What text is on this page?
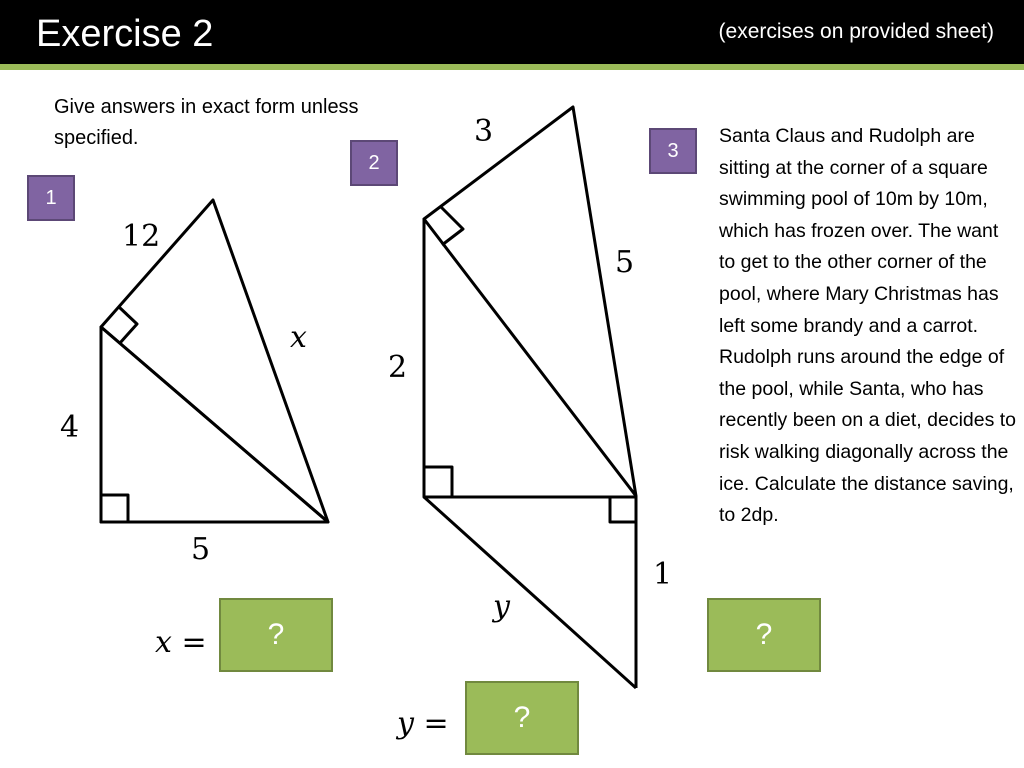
Exercise 2	(exercises on provided sheet)
Give answers in exact form unless specified.
1
2
3
12
x
4
5
x =
3
5
2
1
y
y =
Santa Claus and Rudolph are sitting at the corner of a square swimming pool of 10m by 10m, which has frozen over. The want to get to the other corner of the pool, where Mary Christmas has left some brandy and a carrot. Rudolph runs around the edge of the pool, while Santa, who has recently been on a diet, decides to risk walking diagonally across the ice. Calculate the distance saving, to 2dp.
?
?
?
